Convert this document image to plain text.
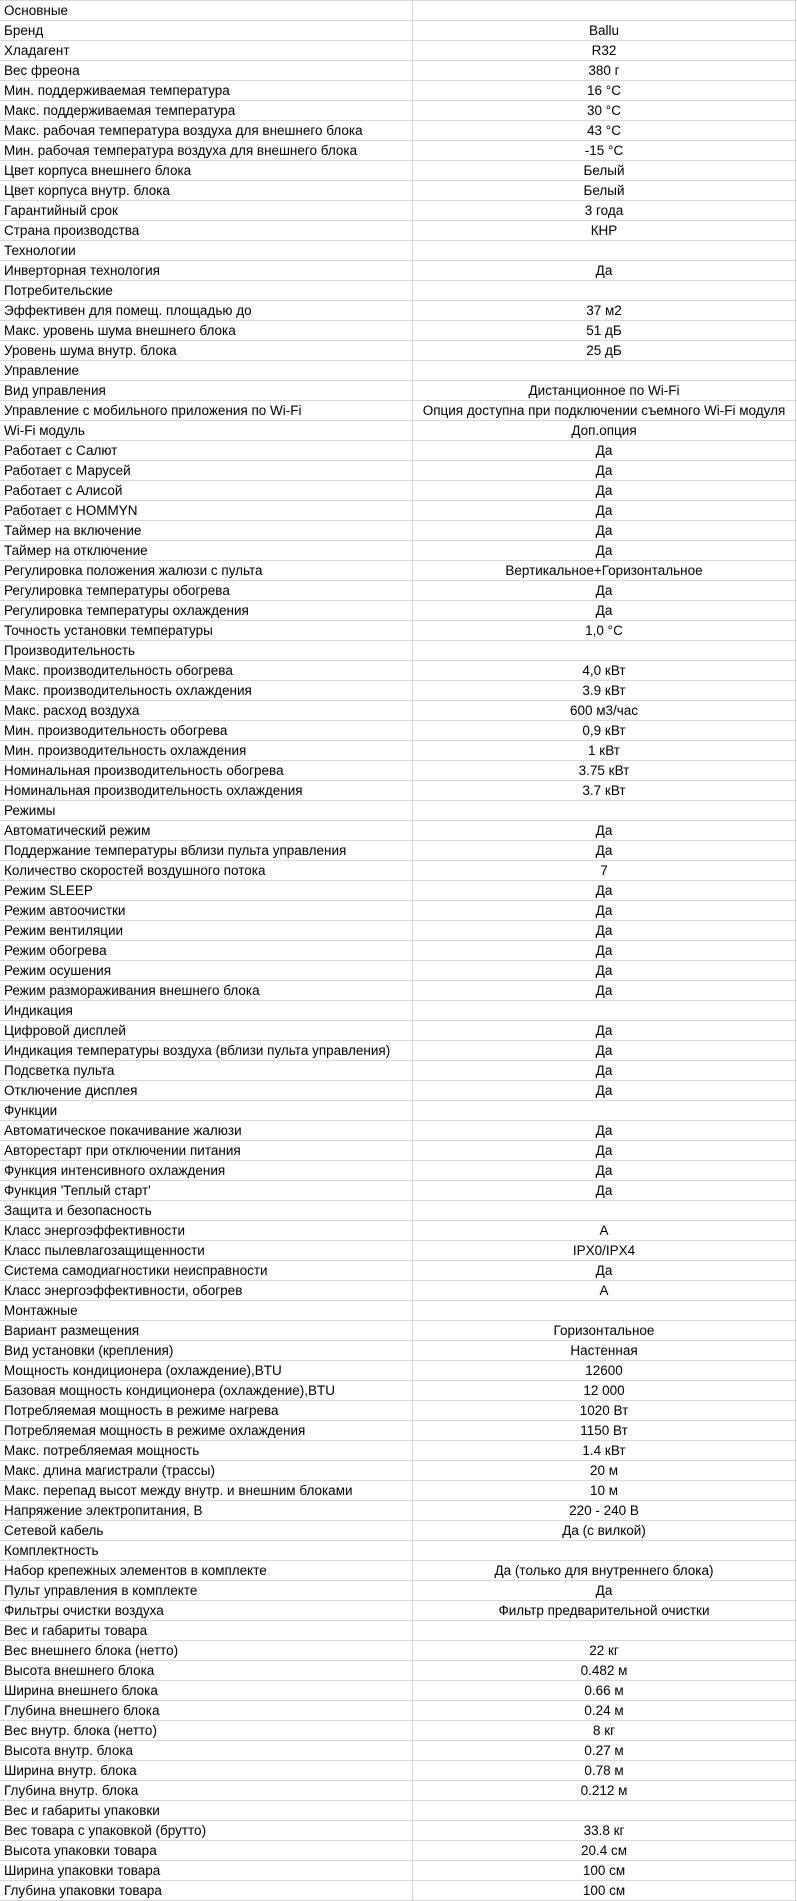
Основные
Бренд	Ballu
Хладагент	R32
Вес фреона	380 г
Мин. поддерживаемая температура	16 °C
Макс. поддерживаемая температура	30 °C
Макс. рабочая температура воздуха для внешнего блока	43 °C
Мин. рабочая температура воздуха для внешнего блока	-15 °C
Цвет корпуса внешнего блока	Белый
Цвет корпуса внутр. блока	Белый
Гарантийный срок	3 года
Страна производства	КНР
Технологии
Инверторная технология	Да
Потребительские
Эффективен для помещ. площадью до	37 м2
Макс. уровень шума внешнего блока	51 дБ
Уровень шума внутр. блока	25 дБ
Управление
Вид управления	Дистанционное по Wi-Fi
Управление с мобильного приложения по Wi-Fi	Опция доступна при подключении съемного Wi-Fi модуля
Wi-Fi модуль	Доп.опция
Работает с Салют	Да
Работает с Марусей	Да
Работает с Алисой	Да
Работает с HOMMYN	Да
Таймер на включение	Да
Таймер на отключение	Да
Регулировка положения жалюзи с пульта	Вертикальное+Горизонтальное
Регулировка температуры обогрева	Да
Регулировка температуры охлаждения	Да
Точность установки температуры	1,0 °C
Производительность
Макс. производительность обогрева	4,0 кВт
Макс. производительность охлаждения	3.9 кВт
Макс. расход воздуха	600 м3/час
Мин. производительность обогрева	0,9 кВт
Мин. производительность охлаждения	1 кВт
Номинальная производительность обогрева	3.75 кВт
Номинальная производительность охлаждения	3.7 кВт
Режимы
Автоматический режим	Да
Поддержание температуры вблизи пульта управления	Да
Количество скоростей воздушного потока	7
Режим SLEEP	Да
Режим автоочистки	Да
Режим вентиляции	Да
Режим обогрева	Да
Режим осушения	Да
Режим размораживания внешнего блока	Да
Индикация
Цифровой дисплей	Да
Индикация температуры воздуха (вблизи пульта управления)	Да
Подсветка пульта	Да
Отключение дисплея	Да
Функции
Автоматическое покачивание жалюзи	Да
Авторестарт при отключении питания	Да
Функция интенсивного охлаждения	Да
Функция 'Теплый старт'	Да
Защита и безопасность
Класс энергоэффективности	A
Класс пылевлагозащищенности	IPX0/IPX4
Система самодиагностики неисправности	Да
Класс энергоэффективности, обогрев	A
Монтажные
Вариант размещения	Горизонтальное
Вид установки (крепления)	Настенная
Мощность кондиционера (охлаждение),BTU	12600
Базовая мощность кондиционера (охлаждение),BTU	12 000
Потребляемая мощность в режиме нагрева	1020 Вт
Потребляемая мощность в режиме охлаждения	1150 Вт
Макс. потребляемая мощность	1.4 кВт
Макс. длина магистрали (трассы)	20 м
Макс. перепад высот между внутр. и внешним блоками	10 м
Напряжение электропитания, В	220 - 240 В
Сетевой кабель	Да (с вилкой)
Комплектность
Набор крепежных элементов в комплекте	Да (только для внутреннего блока)
Пульт управления в комплекте	Да
Фильтры очистки воздуха	Фильтр предварительной очистки
Вес и габариты товара
Вес внешнего блока (нетто)	22 кг
Высота внешнего блока	0.482 м
Ширина внешнего блока	0.66 м
Глубина внешнего блока	0.24 м
Вес внутр. блока (нетто)	8 кг
Высота внутр. блока	0.27 м
Ширина внутр. блока	0.78 м
Глубина внутр. блока	0.212 м
Вес и габариты упаковки
Вес товара с упаковкой (брутто)	33.8 кг
Высота упаковки товара	20.4 см
Ширина упаковки товара	100 см
Глубина упаковки товара	100 см
